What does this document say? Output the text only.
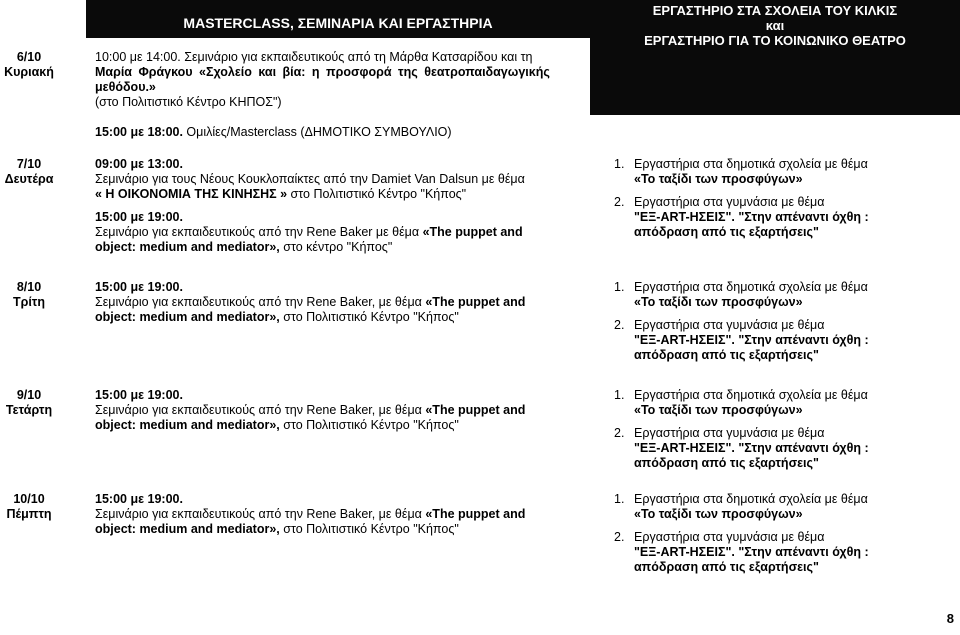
MASTERCLASS, ΣΕΜΙΝΑΡΙΑ ΚΑΙ ΕΡΓΑΣΤΗΡΙΑ
ΕΡΓΑΣΤΗΡΙΟ ΣΤΑ ΣΧΟΛΕΙΑ ΤΟΥ ΚΙΛΚΙΣ
και
ΕΡΓΑΣΤΗΡΙΟ ΓΙΑ ΤΟ ΚΟΙΝΩΝΙΚΟ ΘΕΑΤΡΟ
6/10
Κυριακή
10:00 με 14:00. Σεμινάριο για εκπαιδευτικούς από τη Μάρθα Κατσαρίδου και τη
Μαρία Φράγκου «Σχολείο και βία: η προσφορά της θεατροπαιδαγωγικής
μεθόδου.»
(στο Πολιτιστικό Κέντρο ΚΗΠΟΣ")
15:00 με 18:00. Ομιλίες/Masterclass (ΔΗΜΟΤΙΚΟ ΣΥΜΒΟΥΛΙΟ)
7/10
Δευτέρα
09:00 με 13:00.
Σεμινάριο για τους Νέους Κουκλοπαίκτες από την Damiet Van Dalsun με θέμα
« Η ΟΙΚΟΝΟΜΙΑ ΤΗΣ ΚΙΝΗΣΗΣ » στο Πολιτιστικό Κέντρο "Κήπος"
15:00 με 19:00.
Σεμινάριο για εκπαιδευτικούς από την Rene Baker με θέμα «The puppet and
object: medium and mediator», στο κέντρο "Κήπος"
1. Εργαστήρια στα δημοτικά σχολεία με θέμα
«Το ταξίδι των προσφύγων»
2. Εργαστήρια στα γυμνάσια με θέμα
"ΕΞ-ART-ΗΣΕΙΣ". "Στην απέναντι όχθη :
απόδραση από τις εξαρτήσεις"
8/10
Τρίτη
15:00 με 19:00.
Σεμινάριο για εκπαιδευτικούς από την Rene Baker, με θέμα «The puppet and
object: medium and mediator», στο Πολιτιστικό Κέντρο "Κήπος"
1. Εργαστήρια στα δημοτικά σχολεία με θέμα
«Το ταξίδι των προσφύγων»
2. Εργαστήρια στα γυμνάσια με θέμα
"ΕΞ-ART-ΗΣΕΙΣ". "Στην απέναντι όχθη :
απόδραση από τις εξαρτήσεις"
9/10
Τετάρτη
15:00 με 19:00.
Σεμινάριο για εκπαιδευτικούς από την Rene Baker, με θέμα «The puppet and
object: medium and mediator», στο Πολιτιστικό Κέντρο "Κήπος"
1. Εργαστήρια στα δημοτικά σχολεία με θέμα
«Το ταξίδι των προσφύγων»
2. Εργαστήρια στα γυμνάσια με θέμα
"ΕΞ-ART-ΗΣΕΙΣ". "Στην απέναντι όχθη :
απόδραση από τις εξαρτήσεις"
10/10
Πέμπτη
15:00 με 19:00.
Σεμινάριο για εκπαιδευτικούς από την Rene Baker, με θέμα «The puppet and
object: medium and mediator», στο Πολιτιστικό Κέντρο "Κήπος"
1. Εργαστήρια στα δημοτικά σχολεία με θέμα
«Το ταξίδι των προσφύγων»
2. Εργαστήρια στα γυμνάσια με θέμα
"ΕΞ-ART-ΗΣΕΙΣ". "Στην απέναντι όχθη :
απόδραση από τις εξαρτήσεις"
8
